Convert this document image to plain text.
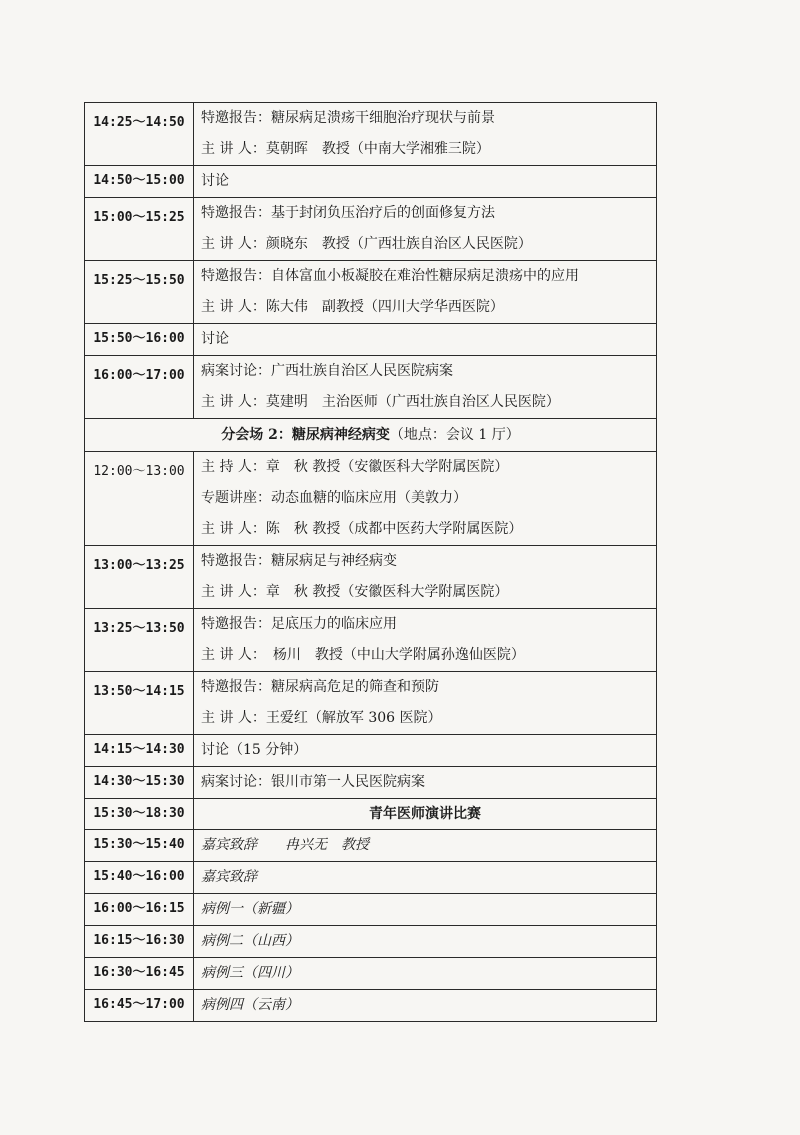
14:25～14:50	特邀报告：糖尿病足溃疡干细胞治疗现状与前景
主 讲 人：莫朝晖　教授（中南大学湘雅三院）

14:50～15:00	讨论

15:00～15:25	特邀报告：基于封闭负压治疗后的创面修复方法
主 讲 人：颜晓东　教授（广西壮族自治区人民医院）

15:25～15:50	特邀报告：自体富血小板凝胶在难治性糖尿病足溃疡中的应用
主 讲 人：陈大伟　副教授（四川大学华西医院）

15:50～16:00	讨论

16:00～17:00	病案讨论：广西壮族自治区人民医院病案
主 讲 人：莫建明　主治医师（广西壮族自治区人民医院）

分会场 2：糖尿病神经病变（地点：会议 1 厅）	
12:00～13:00	主 持 人：章　秋 教授（安徽医科大学附属医院）
专题讲座：动态血糖的临床应用（美敦力）
主 讲 人：陈　秋 教授（成都中医药大学附属医院）

13:00～13:25	特邀报告：糖尿病足与神经病变
主 讲 人：章　秋 教授（安徽医科大学附属医院）

13:25～13:50	特邀报告：足底压力的临床应用
主 讲 人：　杨川　教授（中山大学附属孙逸仙医院）

13:50～14:15	特邀报告：糖尿病高危足的筛查和预防
主 讲 人：王爱红（解放军 306 医院）

14:15～14:30	讨论（15 分钟）

14:30～15:30	病案讨论：银川市第一人民医院病案

15:30～18:30	青年医师演讲比赛
15:30～15:40	嘉宾致辞　　冉兴无　教授

15:40～16:00	嘉宾致辞

16:00～16:15	病例一（新疆）

16:15～16:30	病例二（山西）

16:30～16:45	病例三（四川）

16:45～17:00	病例四（云南）
